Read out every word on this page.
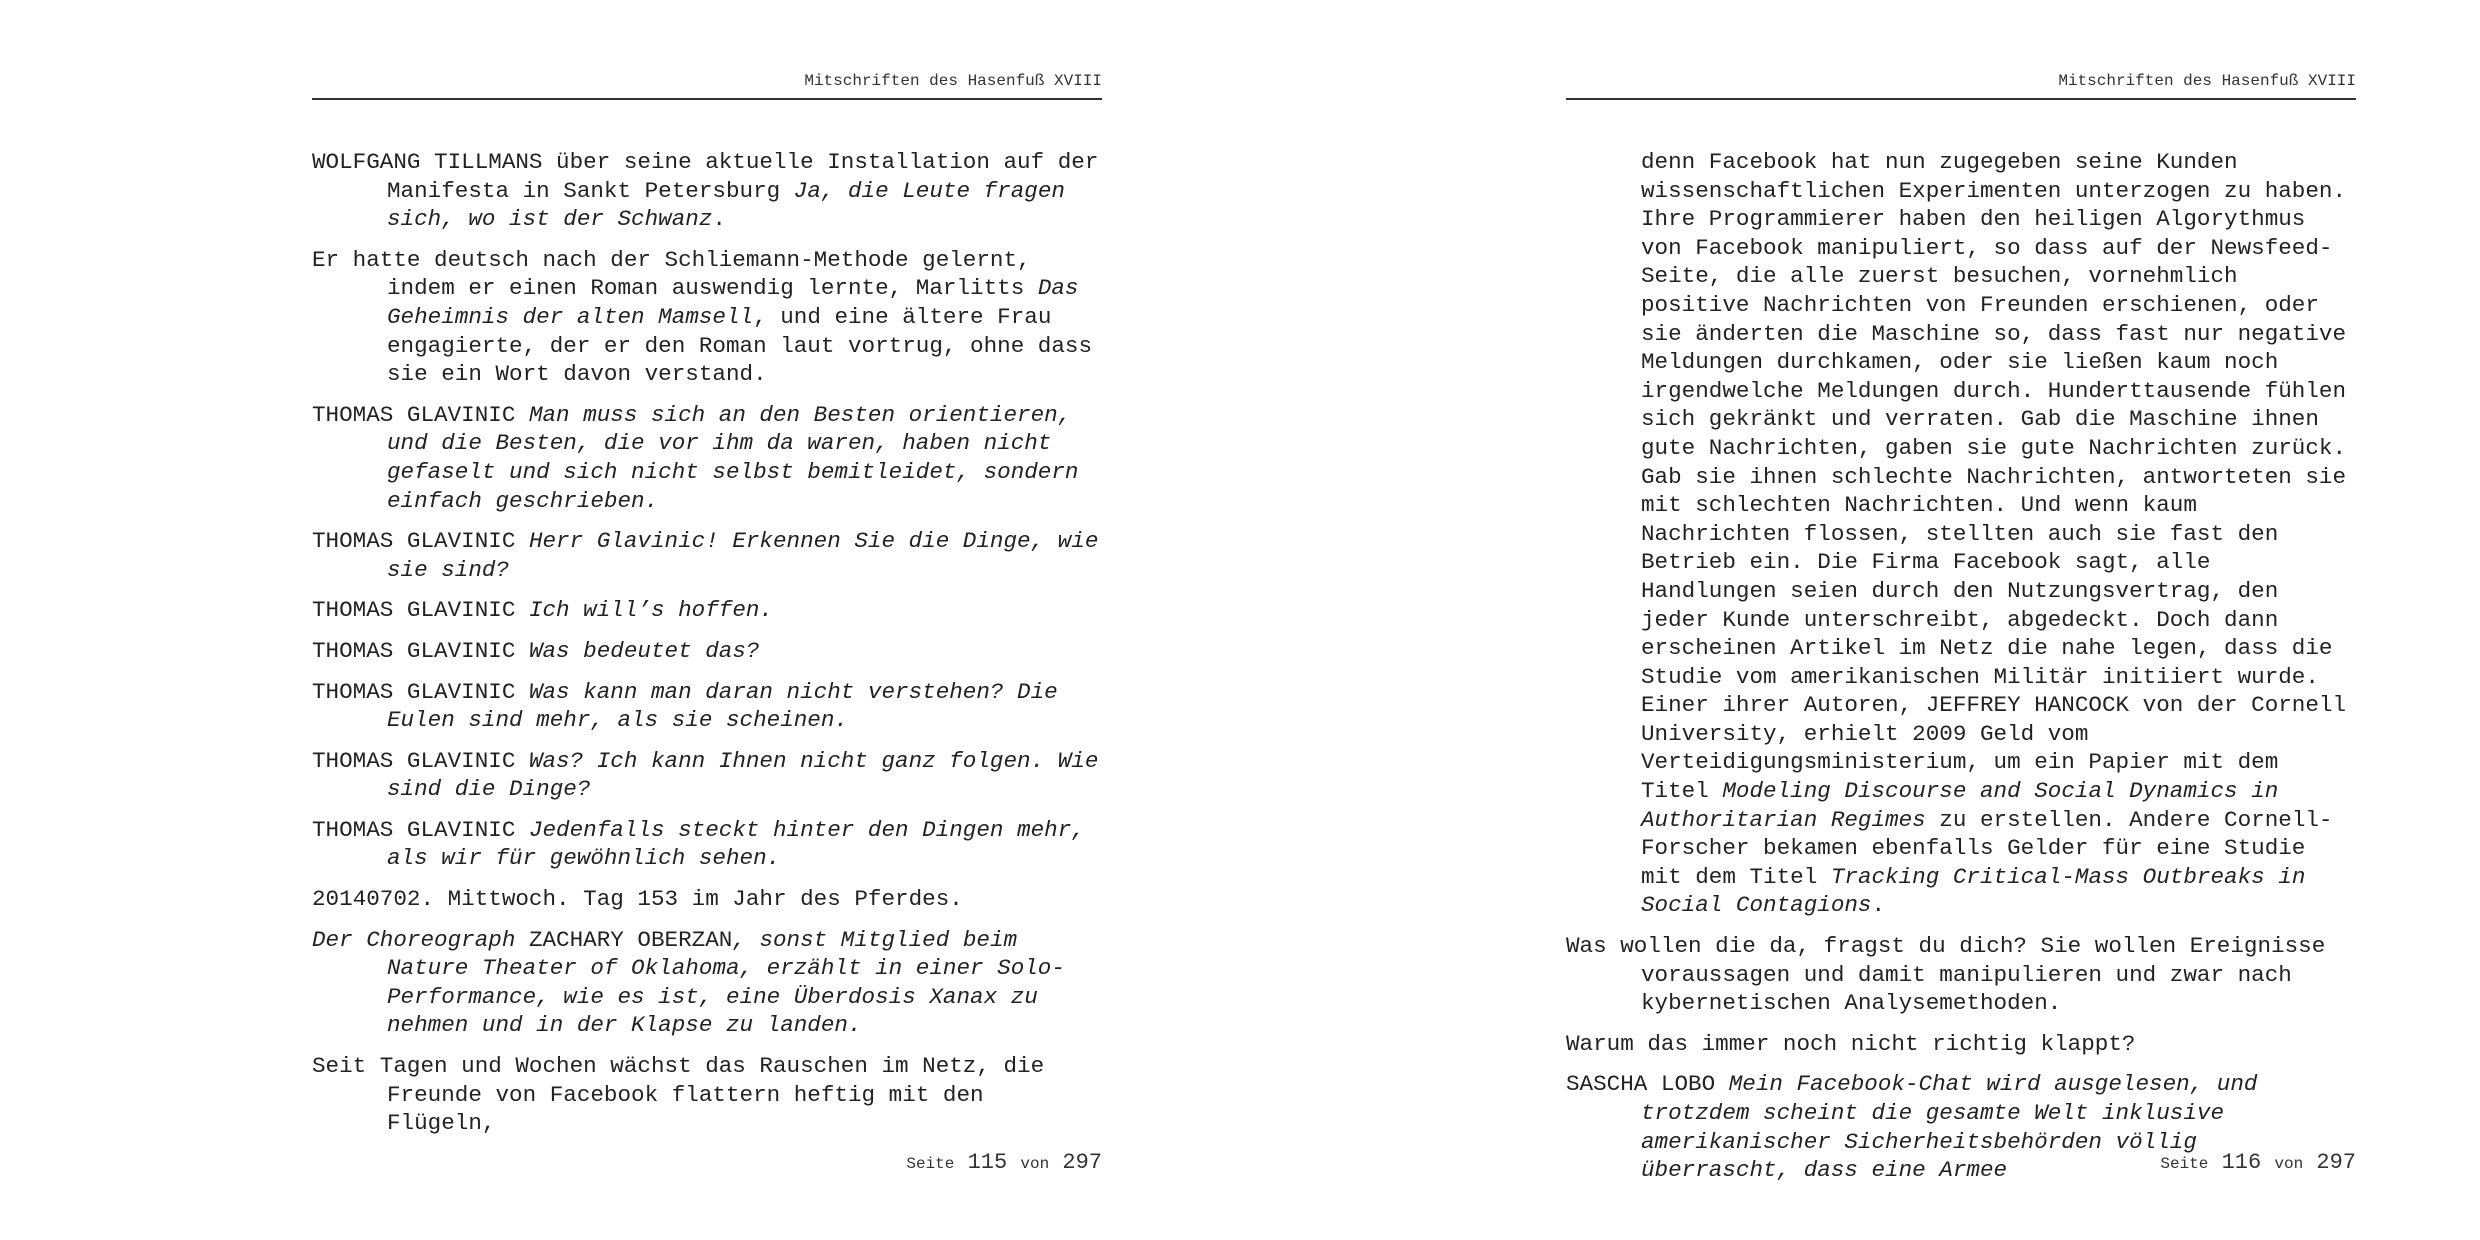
Mitschriften des Hasenfuß XVIII

WOLFGANG TILLMANS über seine aktuelle Installation auf der Manifesta in Sankt Petersburg Ja, die Leute fragen sich, wo ist der Schwanz.

Er hatte deutsch nach der Schliemann-Methode gelernt, indem er einen Roman auswendig lernte, Marlitts Das Geheimnis der alten Mamsell, und eine ältere Frau engagierte, der er den Roman laut vortrug, ohne dass sie ein Wort davon verstand.

THOMAS GLAVINIC Man muss sich an den Besten orientieren, und die Besten, die vor ihm da waren, haben nicht gefaselt und sich nicht selbst bemitleidet, sondern einfach geschrieben.

THOMAS GLAVINIC Herr Glavinic! Erkennen Sie die Dinge, wie sie sind?

THOMAS GLAVINIC Ich will’s hoffen.

THOMAS GLAVINIC Was bedeutet das?

THOMAS GLAVINIC Was kann man daran nicht verstehen? Die Eulen sind mehr, als sie scheinen.

THOMAS GLAVINIC Was? Ich kann Ihnen nicht ganz folgen. Wie sind die Dinge?

THOMAS GLAVINIC Jedenfalls steckt hinter den Dingen mehr, als wir für gewöhnlich sehen.

20140702. Mittwoch. Tag 153 im Jahr des Pferdes.

Der Choreograph ZACHARY OBERZAN, sonst Mitglied beim Nature Theater of Oklahoma, erzählt in einer Solo-Performance, wie es ist, eine Überdosis Xanax zu nehmen und in der Klapse zu landen.

Seit Tagen und Wochen wächst das Rauschen im Netz, die Freunde von Facebook flattern heftig mit den Flügeln,

Seite 115 von 297
Mitschriften des Hasenfuß XVIII

denn Facebook hat nun zugegeben seine Kunden wissenschaftlichen Experimenten unterzogen zu haben. Ihre Programmierer haben den heiligen Algorythmus von Facebook manipuliert, so dass auf der Newsfeed-Seite, die alle zuerst besuchen, vornehmlich positive Nachrichten von Freunden erschienen, oder sie änderten die Maschine so, dass fast nur negative Meldungen durchkamen, oder sie ließen kaum noch irgendwelche Meldungen durch. Hunderttausende fühlen sich gekränkt und verraten. Gab die Maschine ihnen gute Nachrichten, gaben sie gute Nachrichten zurück. Gab sie ihnen schlechte Nachrichten, antworteten sie mit schlechten Nachrichten. Und wenn kaum Nachrichten flossen, stellten auch sie fast den Betrieb ein. Die Firma Facebook sagt, alle Handlungen seien durch den Nutzungsvertrag, den jeder Kunde unterschreibt, abgedeckt. Doch dann erscheinen Artikel im Netz die nahe legen, dass die Studie vom amerikanischen Militär initiiert wurde. Einer ihrer Autoren, JEFFREY HANCOCK von der Cornell University, erhielt 2009 Geld vom Verteidigungsministerium, um ein Papier mit dem Titel Modeling Discourse and Social Dynamics in Authoritarian Regimes zu erstellen. Andere Cornell-Forscher bekamen ebenfalls Gelder für eine Studie mit dem Titel Tracking Critical-Mass Outbreaks in Social Contagions.

Was wollen die da, fragst du dich? Sie wollen Ereignisse voraussagen und damit manipulieren und zwar nach kybernetischen Analysemethoden.

Warum das immer noch nicht richtig klappt?

SASCHA LOBO Mein Facebook-Chat wird ausgelesen, und trotzdem scheint die gesamte Welt inklusive amerikanischer Sicherheitsbehörden völlig überrascht, dass eine Armee	Seite 116 von 297
